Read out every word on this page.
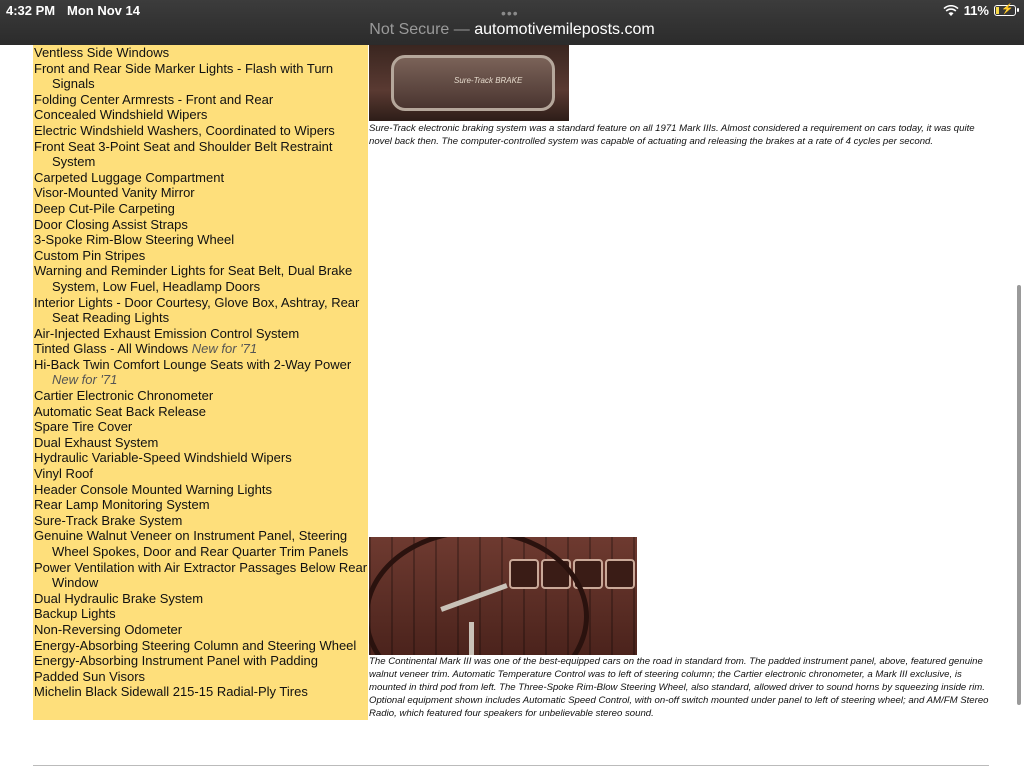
4:32 PM Mon Nov 14	•••	11% ⚡
Not Secure — automotivemileposts.com
Ventless Side Windows
Front and Rear Side Marker Lights - Flash with Turn Signals
Folding Center Armrests - Front and Rear
Concealed Windshield Wipers
Electric Windshield Washers, Coordinated to Wipers
Front Seat 3-Point Seat and Shoulder Belt Restraint System
Carpeted Luggage Compartment
Visor-Mounted Vanity Mirror
Deep Cut-Pile Carpeting
Door Closing Assist Straps
3-Spoke Rim-Blow Steering Wheel
Custom Pin Stripes
Warning and Reminder Lights for Seat Belt, Dual Brake System, Low Fuel, Headlamp Doors
Interior Lights - Door Courtesy, Glove Box, Ashtray, Rear Seat Reading Lights
Air-Injected Exhaust Emission Control System
Tinted Glass - All Windows New for '71
Hi-Back Twin Comfort Lounge Seats with 2-Way Power New for '71
Cartier Electronic Chronometer
Automatic Seat Back Release
Spare Tire Cover
Dual Exhaust System
Hydraulic Variable-Speed Windshield Wipers
Vinyl Roof
Header Console Mounted Warning Lights
Rear Lamp Monitoring System
Sure-Track Brake System
Genuine Walnut Veneer on Instrument Panel, Steering Wheel Spokes, Door and Rear Quarter Trim Panels
Power Ventilation with Air Extractor Passages Below Rear Window
Dual Hydraulic Brake System
Backup Lights
Non-Reversing Odometer
Energy-Absorbing Steering Column and Steering Wheel
Energy-Absorbing Instrument Panel with Padding
Padded Sun Visors
Michelin Black Sidewall 215-15 Radial-Ply Tires
Sure-Track BRAKE
Sure-Track electronic braking system was a standard feature on all 1971 Mark IIIs. Almost considered a requirement on cars today, it was quite novel back then. The computer-controlled system was capable of actuating and releasing the brakes at a rate of 4 cycles per second.
The Continental Mark III was one of the best-equipped cars on the road in standard from. The padded instrument panel, above, featured genuine walnut veneer trim. Automatic Temperature Control was to left of steering column; the Cartier electronic chronometer, a Mark III exclusive, is mounted in third pod from left. The Three-Spoke Rim-Blow Steering Wheel, also standard, allowed driver to sound horns by squeezing inside rim. Optional equipment shown includes Automatic Speed Control, with on-off switch mounted under panel to left of steering wheel; and AM/FM Stereo Radio, which featured four speakers for unbelievable stereo sound.
